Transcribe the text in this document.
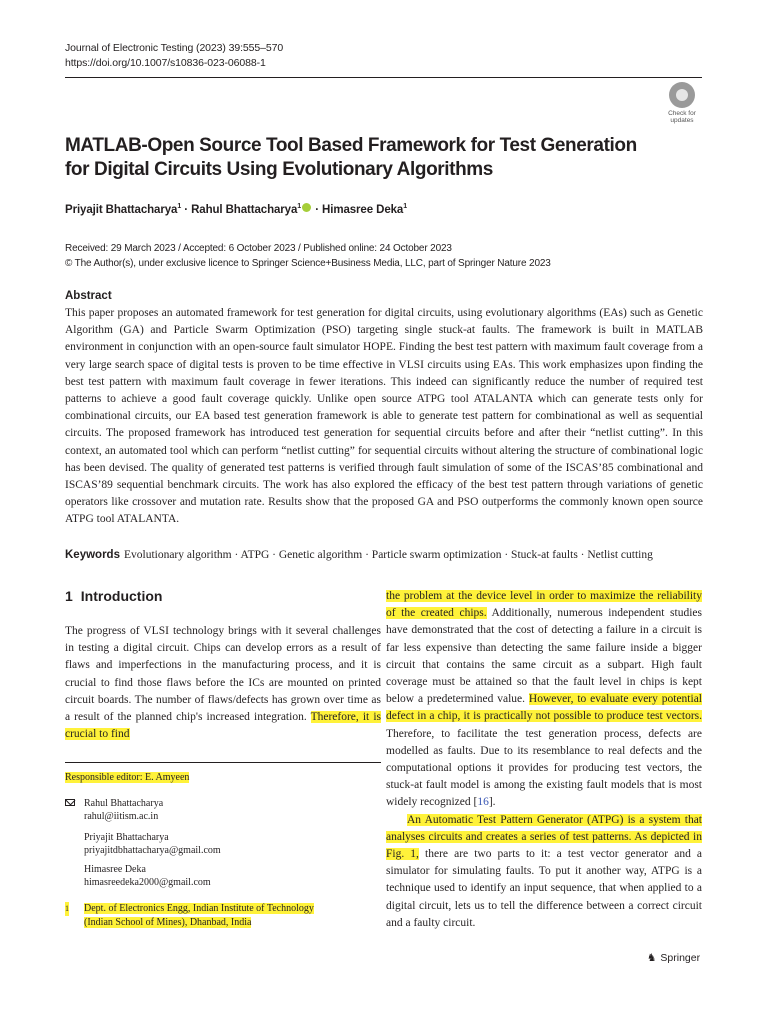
Journal of Electronic Testing (2023) 39:555–570
https://doi.org/10.1007/s10836-023-06088-1
Check for
updates
MATLAB-Open Source Tool Based Framework for Test Generation
for Digital Circuits Using Evolutionary Algorithms
Priyajit Bhattacharya$^1$ · Rahul Bhattacharya$^1$ · Himasree Deka$^1$
Received: 29 March 2023 / Accepted: 6 October 2023 / Published online: 24 October 2023
© The Author(s), under exclusive licence to Springer Science+Business Media, LLC, part of Springer Nature 2023
Abstract
This paper proposes an automated framework for test generation for digital circuits, using evolutionary algorithms (EAs) such as Genetic Algorithm (GA) and Particle Swarm Optimization (PSO) targeting single stuck-at faults. The framework is built in MATLAB environment in conjunction with an open-source fault simulator HOPE. Finding the best test pattern with maximum fault coverage from a very large search space of digital tests is proven to be time effective in VLSI circuits using EAs. This work emphasizes upon finding the best test pattern with maximum fault coverage in fewer iterations. This indeed can significantly reduce the number of required test patterns to achieve a good fault coverage quickly. Unlike open source ATPG tool ATALANTA which can generate tests only for combinational circuits, our EA based test generation framework is able to generate test pattern for combinational as well as sequential circuits. The proposed framework has introduced test generation for sequential circuits before and after their “netlist cutting”. In this context, an automated tool which can perform “netlist cutting” for sequential circuits without altering the structure of combinational logic has been devised. The quality of generated test patterns is verified through fault simulation of some of the ISCAS’85 combinational and ISCAS’89 sequential benchmark circuits. The work has also explored the efficacy of the best test pattern through variations of genetic operators like crossover and mutation rate. Results show that the proposed GA and PSO outperforms the commonly known open source ATPG tool ATALANTA.
Keywords Evolutionary algorithm · ATPG · Genetic algorithm · Particle swarm optimization · Stuck-at faults · Netlist cutting
1 Introduction
The progress of VLSI technology brings with it several challenges in testing a digital circuit. Chips can develop errors as a result of flaws and imperfections in the manufacturing process, and it is crucial to find those flaws before the ICs are mounted on printed circuit boards. The number of flaws/defects has grown over time as a result of the planned chip's increased integration. Therefore, it is crucial to find
the problem at the device level in order to maximize the reliability of the created chips. Additionally, numerous independent studies have demonstrated that the cost of detecting a failure in a circuit is far less expensive than detecting the same failure inside a bigger circuit that contains the same circuit as a subpart. High fault coverage must be attained so that the fault level in chips is kept below a predetermined value. However, to evaluate every potential defect in a chip, it is practically not possible to produce test vectors. Therefore, to facilitate the test generation process, defects are modelled as faults. Due to its resemblance to real defects and the computational options it provides for producing test vectors, the stuck-at fault model is among the existing fault models that is most widely recognized [16].
An Automatic Test Pattern Generator (ATPG) is a system that analyses circuits and creates a series of test patterns. As depicted in Fig. 1, there are two parts to it: a test vector generator and a simulator for simulating faults. To put it another way, ATPG is a technique used to identify an input sequence, that when applied to a digital circuit, lets us to tell the difference between a correct circuit and a faulty circuit.
Responsible editor: E. Amyeen
Rahul Bhattacharya
rahul@iitism.ac.in
Priyajit Bhattacharya
priyajitdbhattacharya@gmail.com
Himasree Deka
himasreedeka2000@gmail.com
1 Dept. of Electronics Engg, Indian Institute of Technology
(Indian School of Mines), Dhanbad, India
♞ Springer
